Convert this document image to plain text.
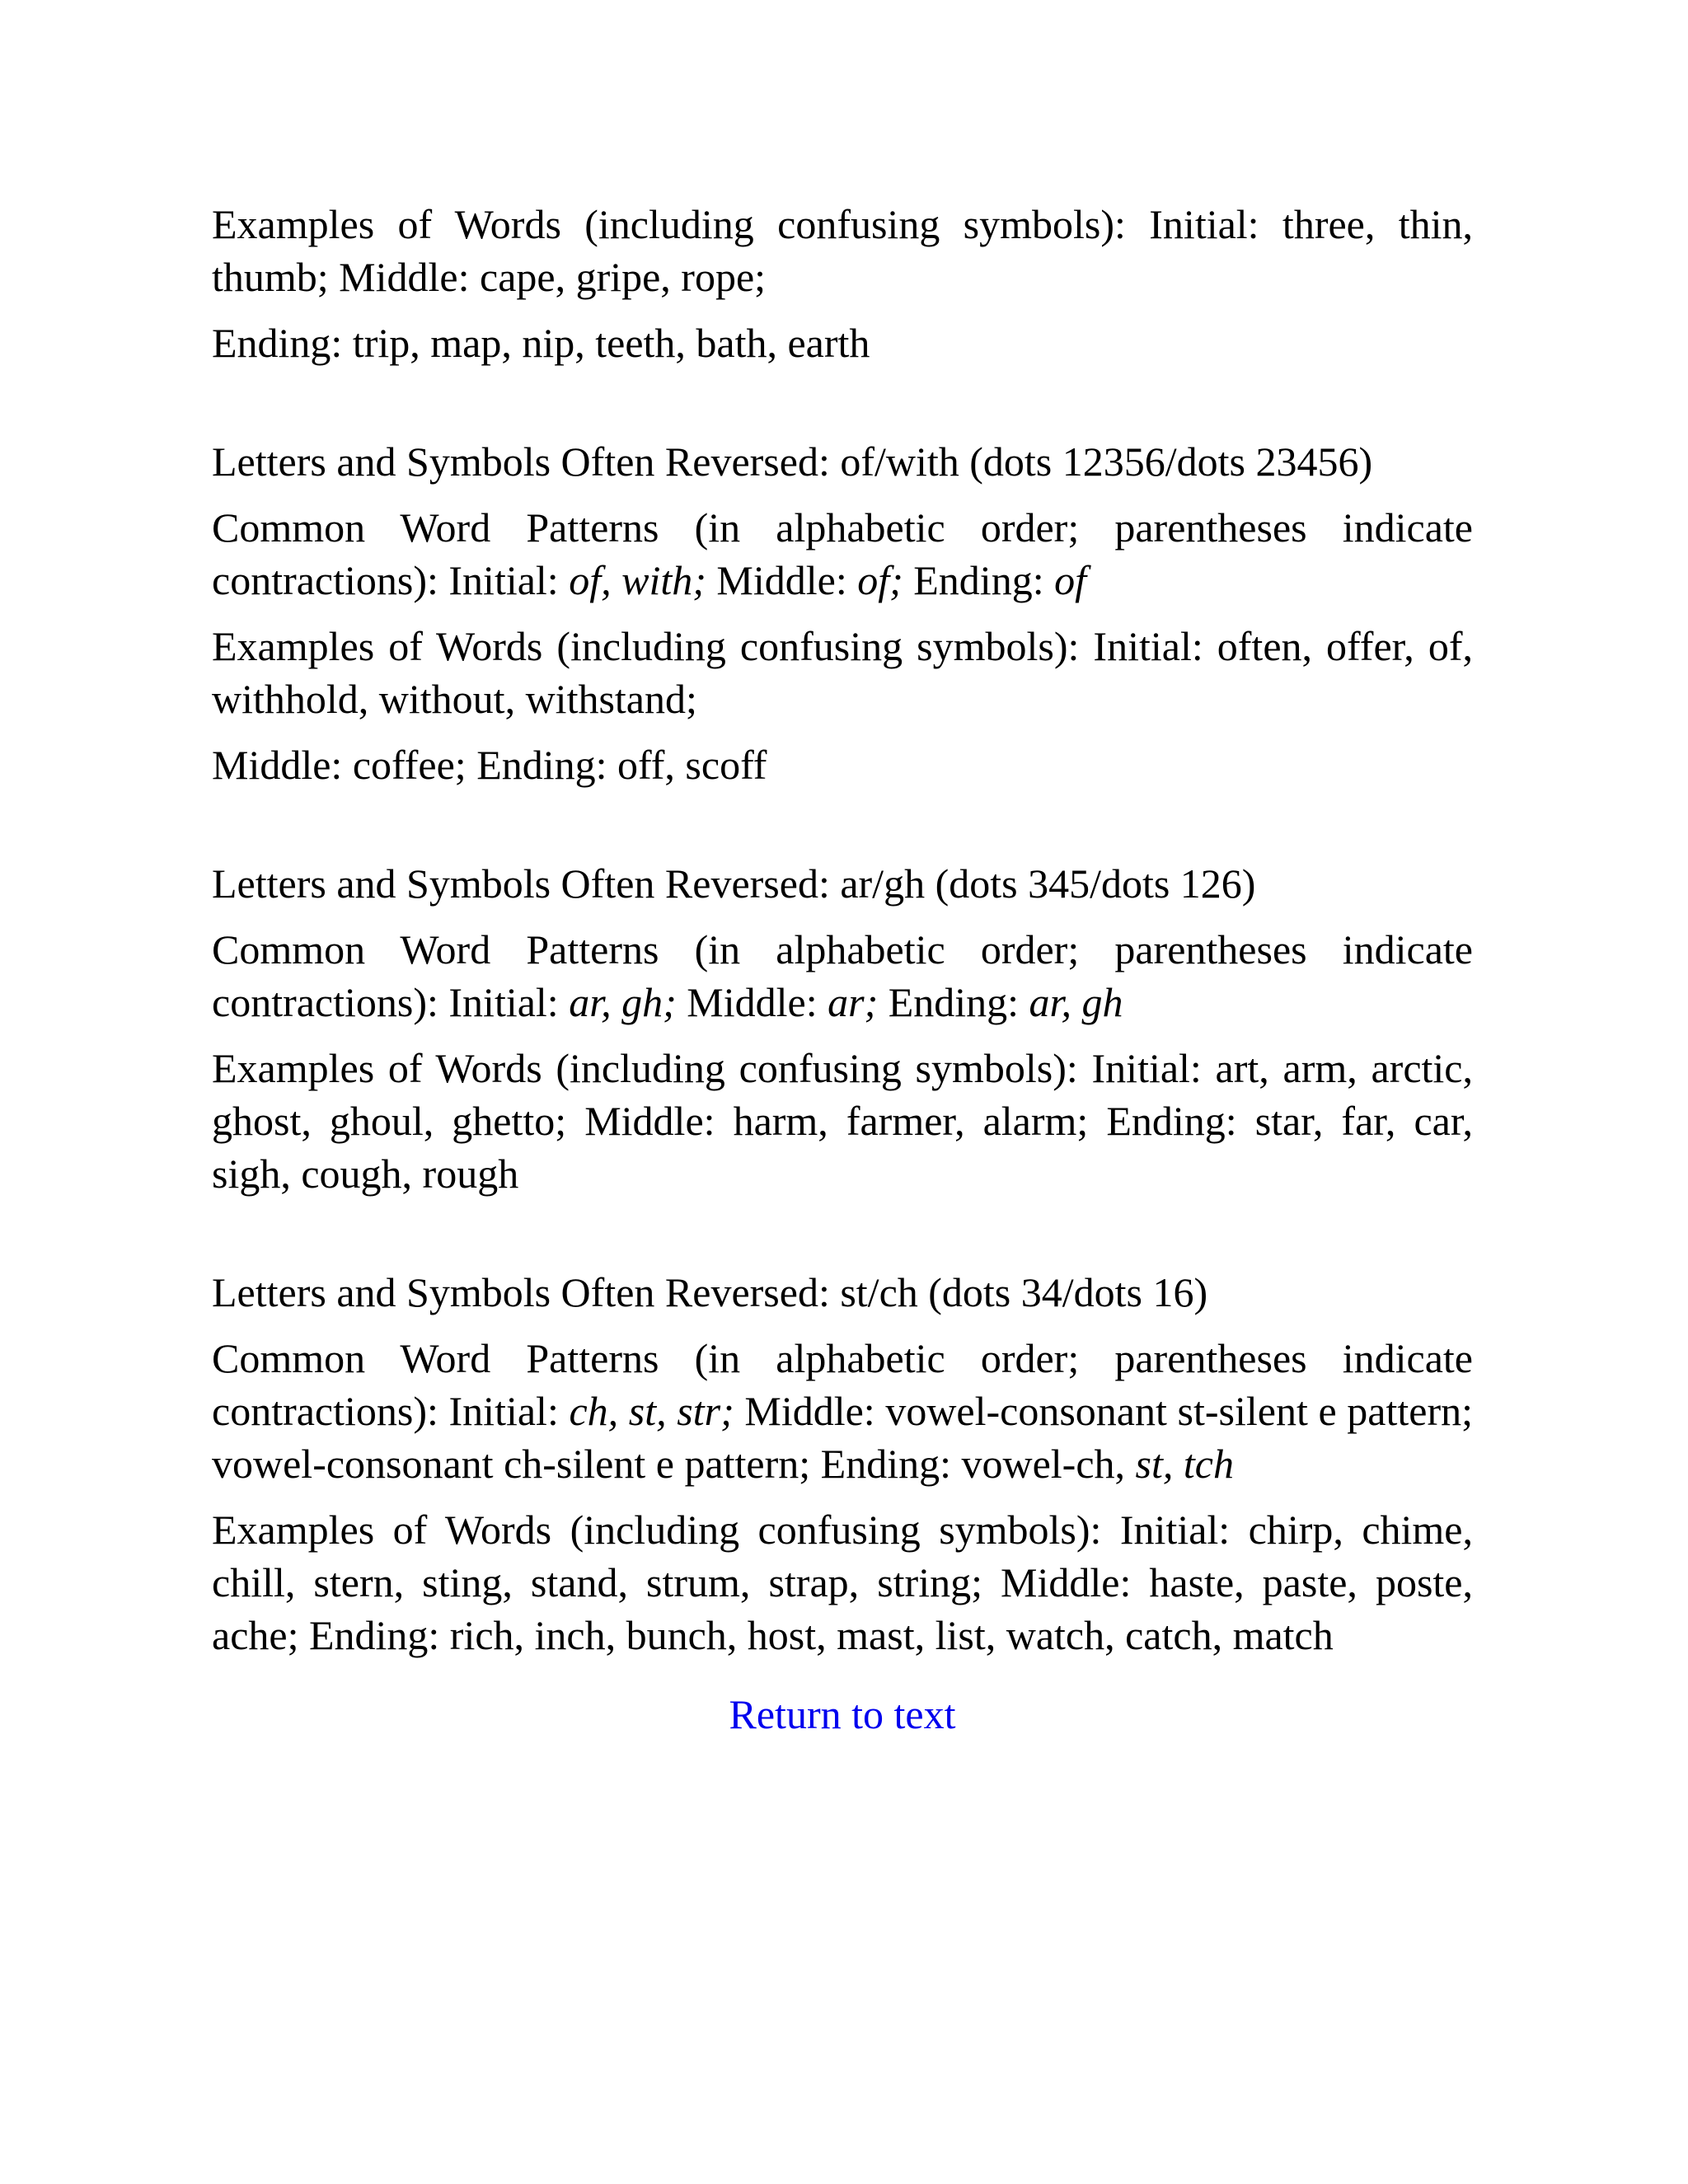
Examples of Words (including confusing symbols): Initial: three, thin, thumb; Middle: cape, gripe, rope;

Ending: trip, map, nip, teeth, bath, earth

Letters and Symbols Often Reversed: of/with (dots 12356/dots 23456)

Common Word Patterns (in alphabetic order; parentheses indicate contractions): Initial: of, with; Middle: of; Ending: of

Examples of Words (including confusing symbols): Initial: often, offer, of, withhold, without, withstand;

Middle: coffee; Ending: off, scoff

Letters and Symbols Often Reversed: ar/gh (dots 345/dots 126)

Common Word Patterns (in alphabetic order; parentheses indicate contractions): Initial: ar, gh; Middle: ar; Ending: ar, gh

Examples of Words (including confusing symbols): Initial: art, arm, arctic, ghost, ghoul, ghetto; Middle: harm, farmer, alarm; Ending: star, far, car, sigh, cough, rough

Letters and Symbols Often Reversed: st/ch (dots 34/dots 16)

Common Word Patterns (in alphabetic order; parentheses indicate contractions): Initial: ch, st, str; Middle: vowel-consonant st-silent e pattern; vowel-consonant ch-silent e pattern; Ending: vowel-ch, st, tch

Examples of Words (including confusing symbols): Initial: chirp, chime, chill, stern, sting, stand, strum, strap, string; Middle: haste, paste, poste, ache; Ending: rich, inch, bunch, host, mast, list, watch, catch, match

Return to text
